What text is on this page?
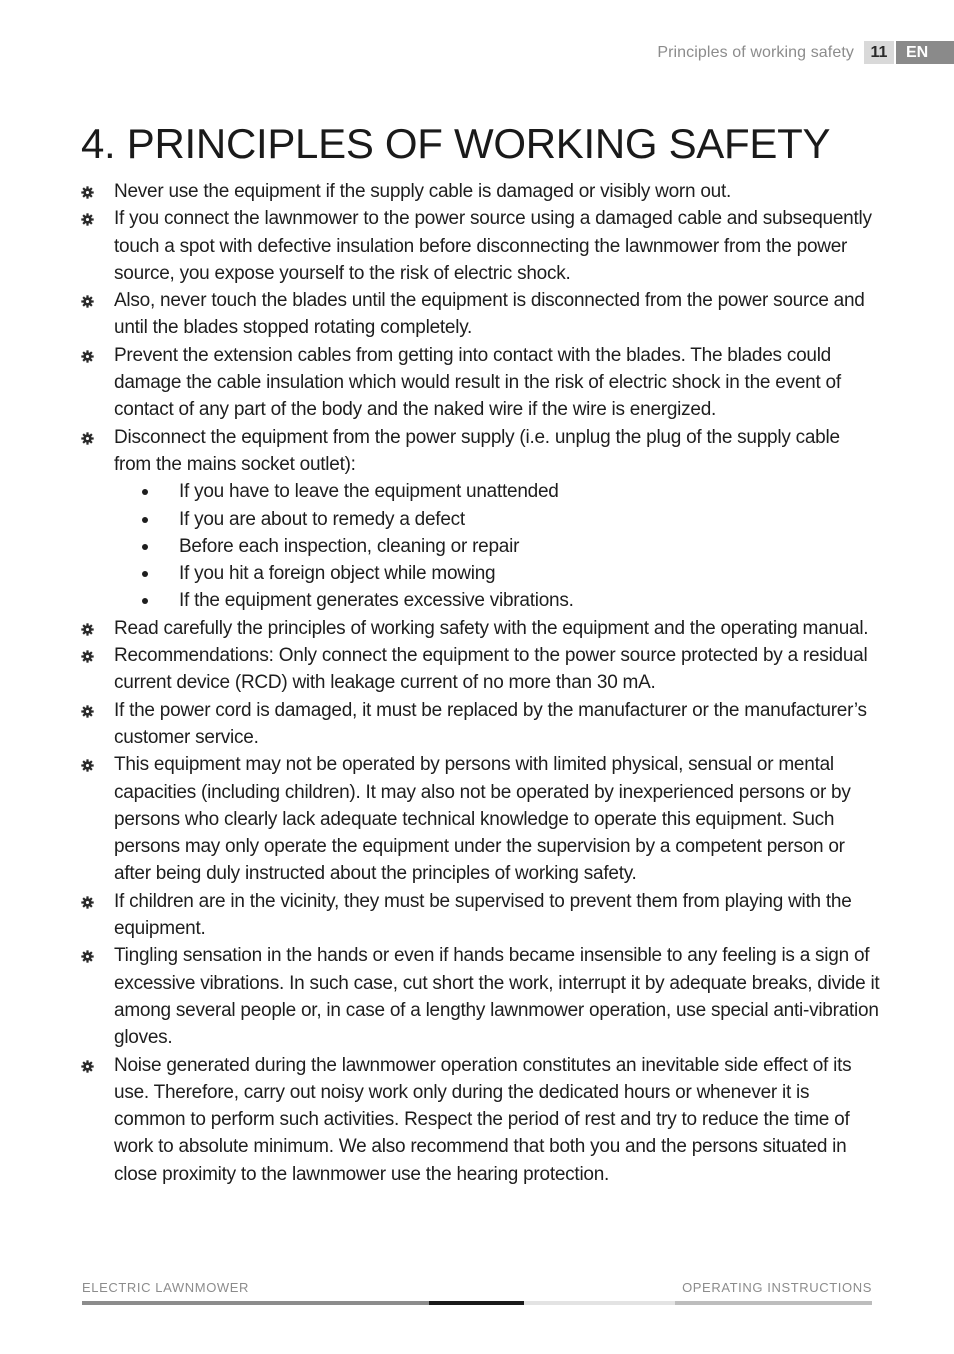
Principles of working safety	11	EN
4. PRINCIPLES OF WORKING SAFETY
Never use the equipment if the supply cable is damaged or visibly worn out.
If you connect the lawnmower to the power source using a damaged cable and subsequently touch a spot with defective insulation before disconnecting the lawnmower from the power source, you expose yourself to the risk of electric shock.
Also, never touch the blades until the equipment is disconnected from the power source and until the blades stopped rotating completely.
Prevent the extension cables from getting into contact with the blades. The blades could damage the cable insulation which would result in the risk of electric shock in the event of contact of any part of the body and the naked wire if the wire is energized.
Disconnect the equipment from the power supply (i.e. unplug the plug of the supply cable from the mains socket outlet):
If you have to leave the equipment unattended
If you are about to remedy a defect
Before each inspection, cleaning or repair
If you hit a foreign object while mowing
If the equipment generates excessive vibrations.
Read carefully the principles of working safety with the equipment and the operating manual.
Recommendations: Only connect the equipment to the power source protected by a residual current device (RCD) with leakage current of no more than 30 mA.
If the power cord is damaged, it must be replaced by the manufacturer or the manufacturer’s customer service.
This equipment may not be operated by persons with limited physical, sensual or mental capacities (including children). It may also not be operated by inexperienced persons or by persons who clearly lack adequate technical knowledge to operate this equipment. Such persons may only operate the equipment under the supervision by a competent person or after being duly instructed about the principles of working safety.
If children are in the vicinity, they must be supervised to prevent them from playing with the equipment.
Tingling sensation in the hands or even if hands became insensible to any feeling is a sign of excessive vibrations. In such case, cut short the work, interrupt it by adequate breaks, divide it among several people or, in case of a lengthy lawnmower operation, use special anti-vibration gloves.
Noise generated during the lawnmower operation constitutes an inevitable side effect of its use. Therefore, carry out noisy work only during the dedicated hours or whenever it is common to perform such activities. Respect the period of rest and try to reduce the time of work to absolute minimum. We also recommend that both you and the persons situated in close proximity to the lawnmower use the hearing protection.
ELECTRIC LAWNMOWER	OPERATING INSTRUCTIONS
